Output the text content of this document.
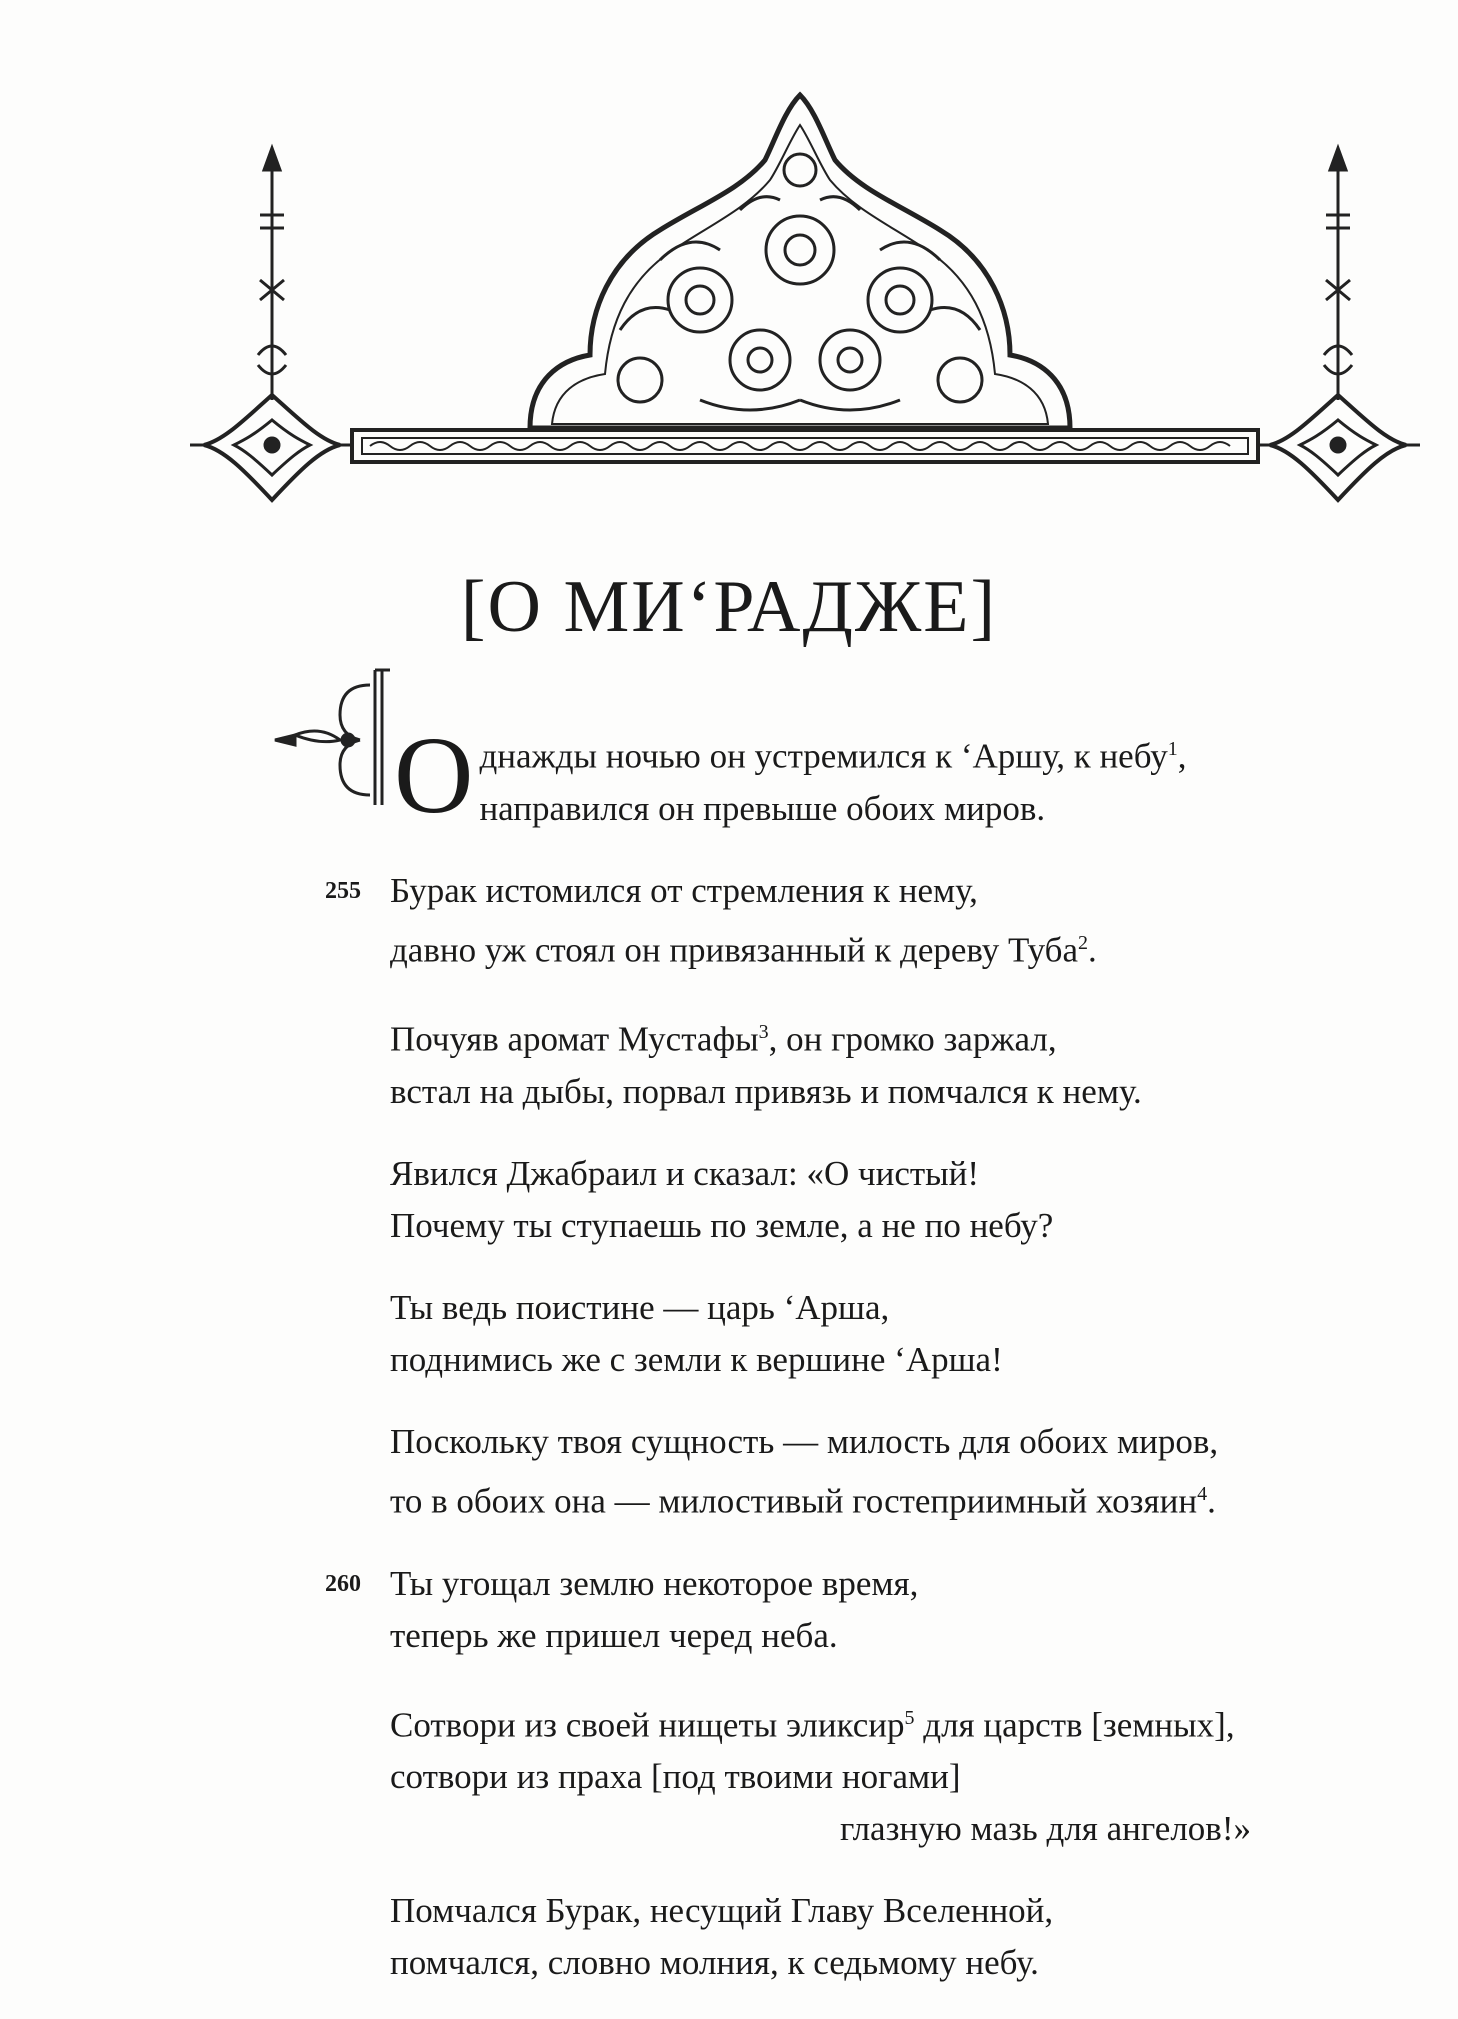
[О МИ‘РАДЖЕ]
Однажды ночью он устремился к ‘Аршу, к небу$^1$,
направился он превыше обоих миров.
255 Бурак истомился от стремления к нему,
давно уж стоял он привязанный к дереву Туба$^2$.
Почуяв аромат Мустафы$^3$, он громко заржал,
встал на дыбы, порвал привязь и помчался к нему.
Явился Джабраил и сказал: «О чистый!
Почему ты ступаешь по земле, а не по небу?
Ты ведь поистине — царь ‘Арша,
поднимись же с земли к вершине ‘Арша!
Поскольку твоя сущность — милость для обоих миров,
то в обоих она — милостивый гостеприимный хозяин$^4$.
260 Ты угощал землю некоторое время,
теперь же пришел черед неба.
Сотвори из своей нищеты эликсир$^5$ для царств [земных],
сотвори из праха [под твоими ногами]
глазную мазь для ангелов!»
Помчался Бурак, несущий Главу Вселенной,
помчался, словно молния, к седьмому небу.
